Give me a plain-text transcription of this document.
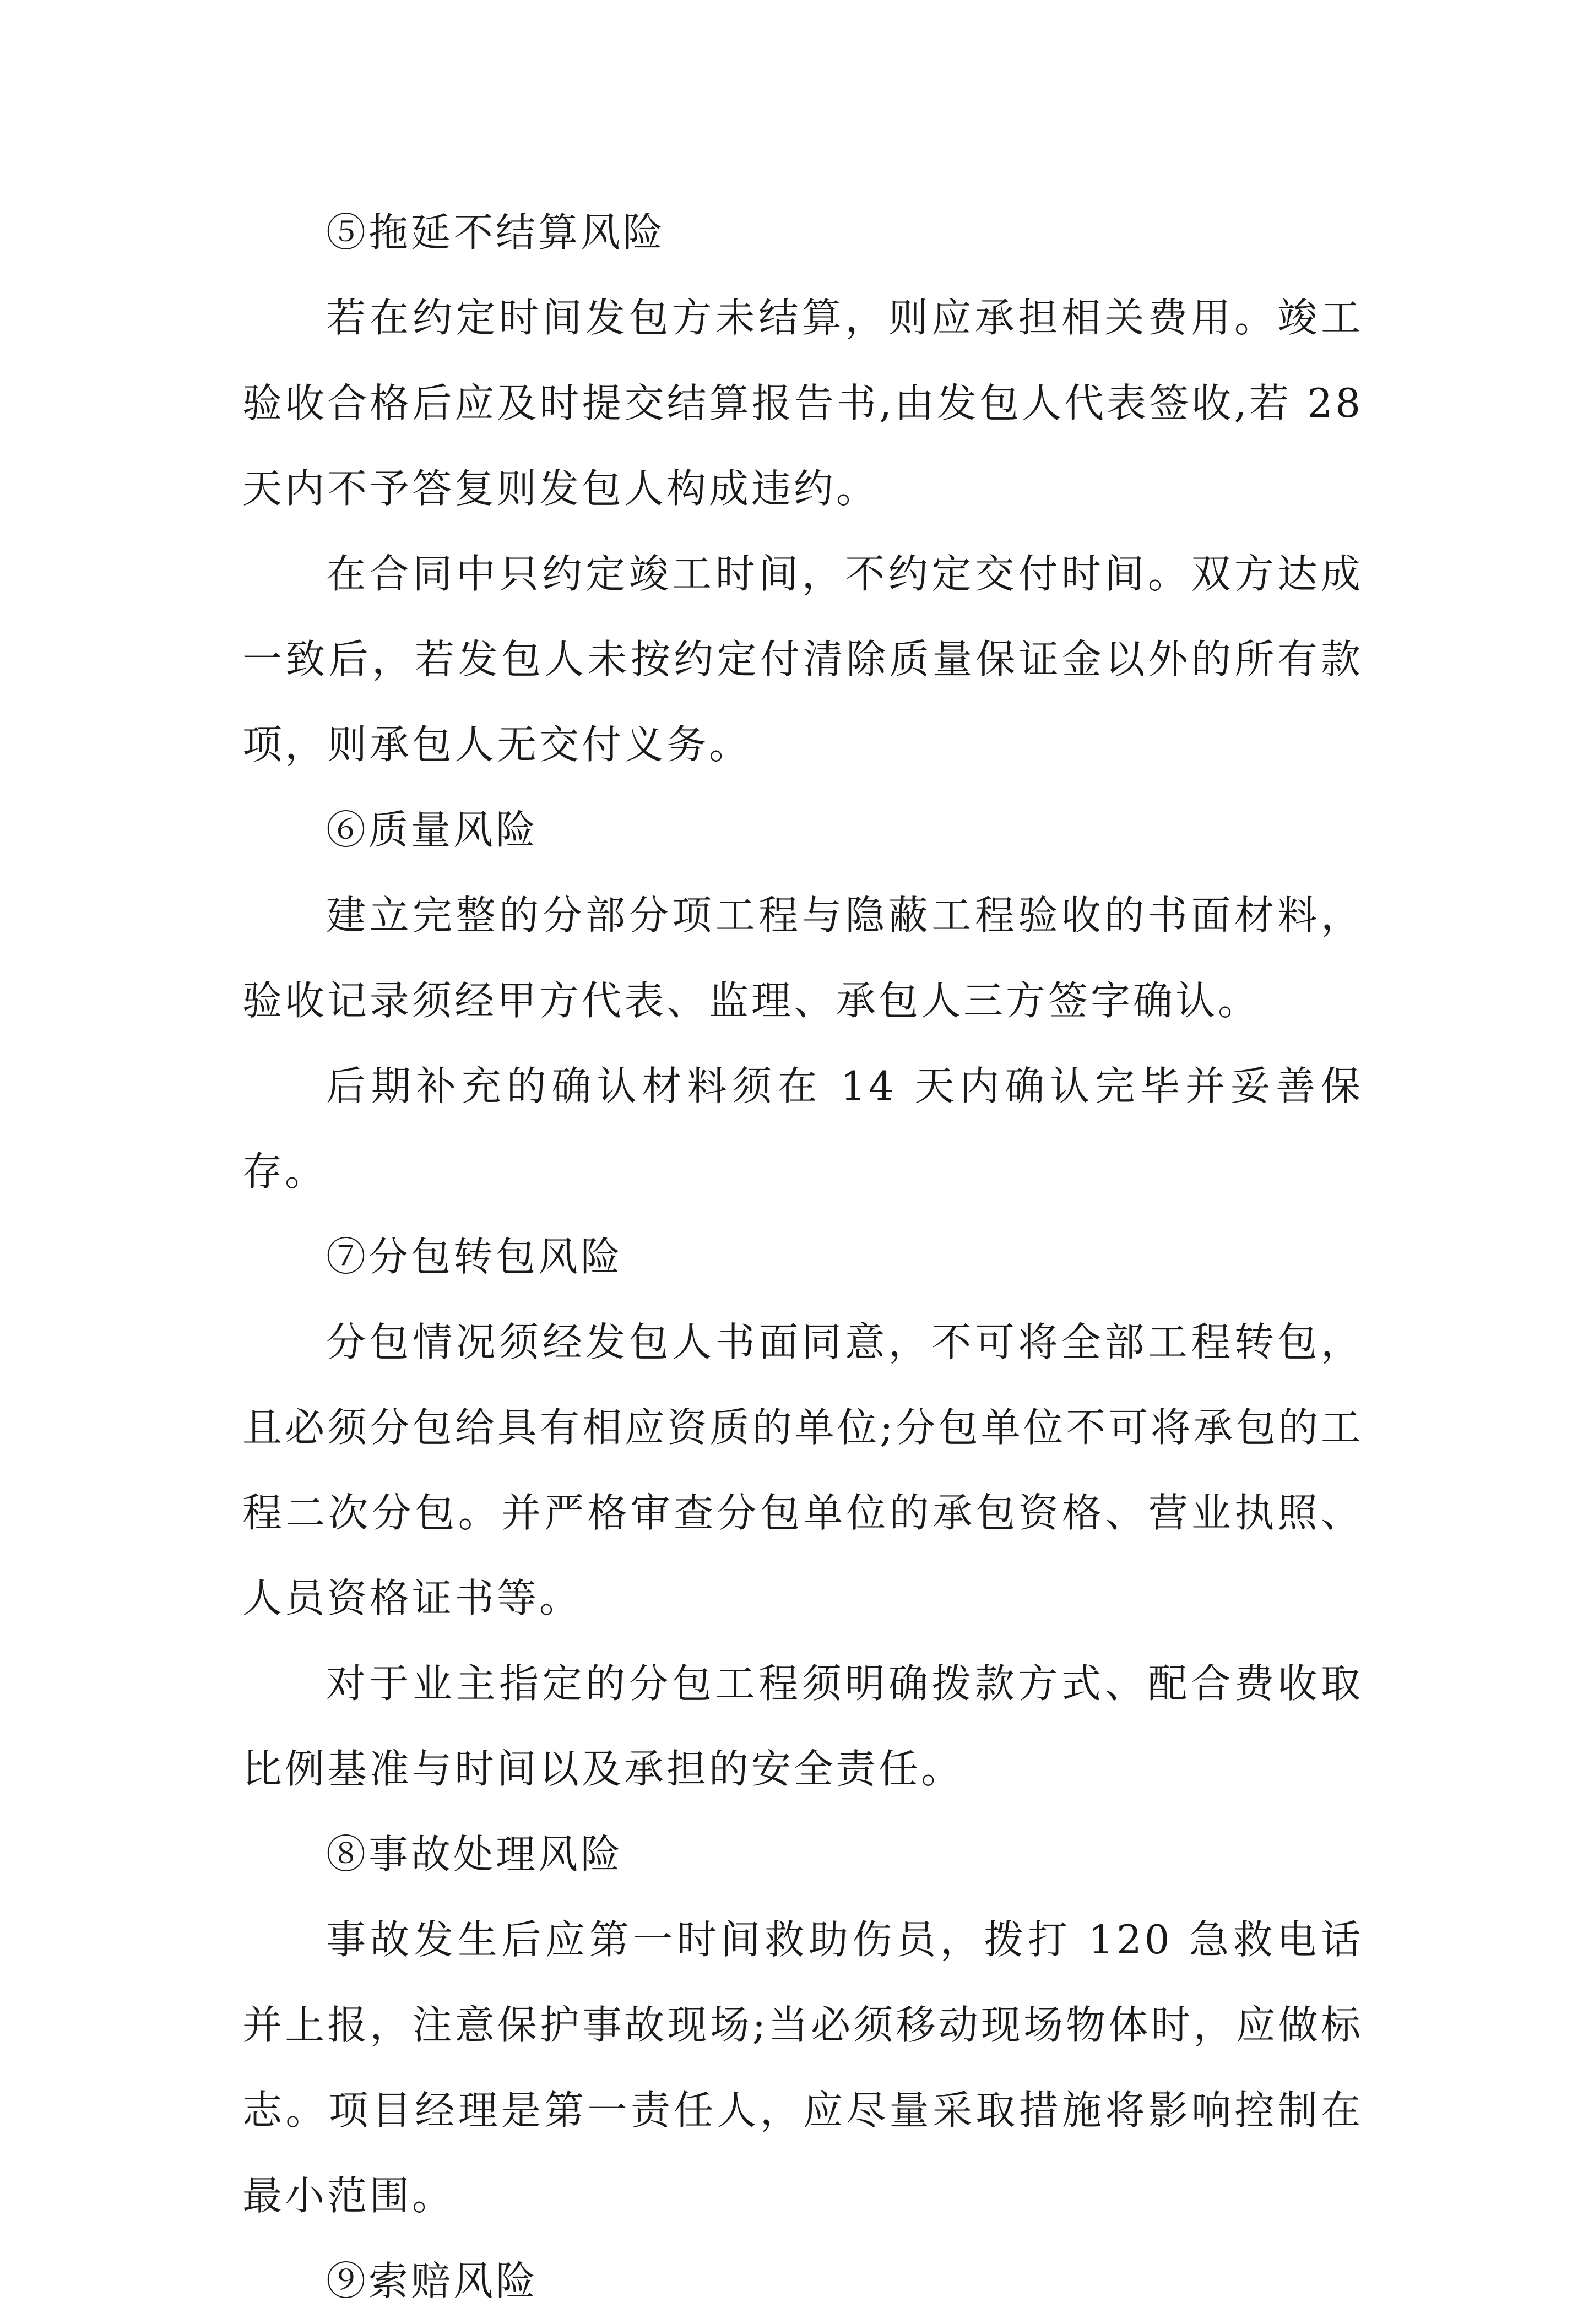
⑤拖延不结算风险

若在约定时间发包方未结算，则应承担相关费用。竣工验收合格后应及时提交结算报告书,由发包人代表签收,若 28 天内不予答复则发包人构成违约。

在合同中只约定竣工时间，不约定交付时间。双方达成一致后，若发包人未按约定付清除质量保证金以外的所有款项，则承包人无交付义务。

⑥质量风险

建立完整的分部分项工程与隐蔽工程验收的书面材料，验收记录须经甲方代表、监理、承包人三方签字确认。

后期补充的确认材料须在 14 天内确认完毕并妥善保存。

⑦分包转包风险

分包情况须经发包人书面同意，不可将全部工程转包，且必须分包给具有相应资质的单位;分包单位不可将承包的工程二次分包。并严格审查分包单位的承包资格、营业执照、人员资格证书等。

对于业主指定的分包工程须明确拨款方式、配合费收取比例基准与时间以及承担的安全责任。

⑧事故处理风险

事故发生后应第一时间救助伤员，拨打 120 急救电话并上报，注意保护事故现场;当必须移动现场物体时，应做标志。项目经理是第一责任人，应尽量采取措施将影响控制在最小范围。

⑨索赔风险
